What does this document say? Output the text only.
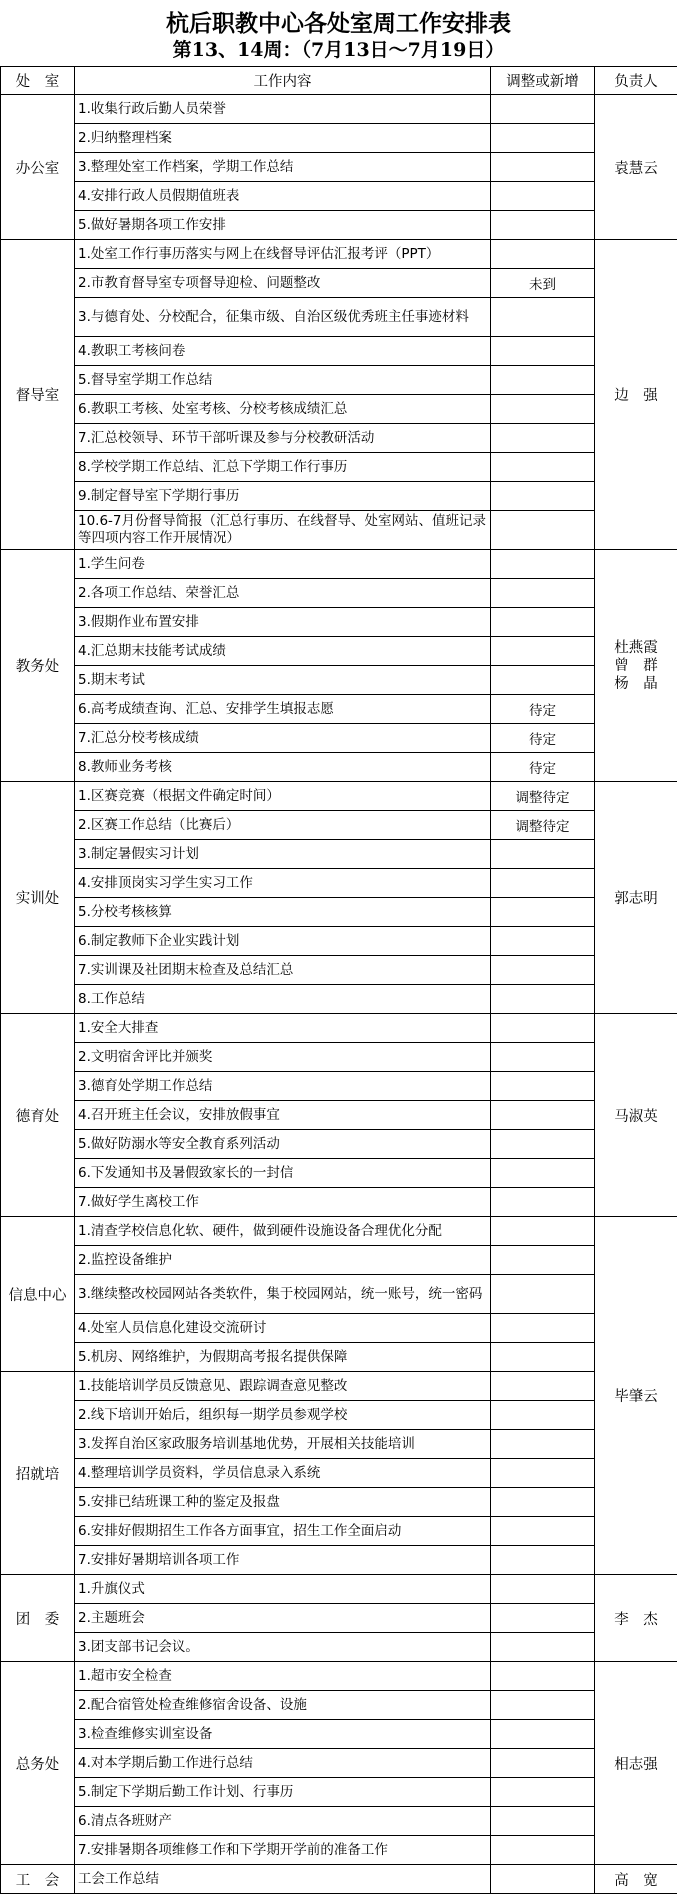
杭后职教中心各处室周工作安排表
第13、14周：（7月13日～7月19日）
处　室	工作内容	调整或新增	负责人
办公室	1.收集行政后勤人员荣誉		袁慧云
	2.归纳整理档案		
	3.整理处室工作档案，学期工作总结		
	4.安排行政人员假期值班表		
	5.做好暑期各项工作安排		
督导室	1.处室工作行事历落实与网上在线督导评估汇报考评（PPT）		边　强
	2.市教育督导室专项督导迎检、问题整改	未到	
	3.与德育处、分校配合，征集市级、自治区级优秀班主任事迹材料		
	4.教职工考核问卷		
	5.督导室学期工作总结		
	6.教职工考核、处室考核、分校考核成绩汇总		
	7.汇总校领导、环节干部听课及参与分校教研活动		
	8.学校学期工作总结、汇总下学期工作行事历		
	9.制定督导室下学期行事历		
	10.6-7月份督导简报（汇总行事历、在线督导、处室网站、值班记录等四项内容工作开展情况）		
教务处	1.学生问卷		杜燕霞
曾　群
杨　晶

	2.各项工作总结、荣誉汇总		
	3.假期作业布置安排		
	4.汇总期末技能考试成绩		
	5.期末考试		
	6.高考成绩查询、汇总、安排学生填报志愿	待定	
	7.汇总分校考核成绩	待定	
	8.教师业务考核	待定	
实训处	1.区赛竞赛（根据文件确定时间）	调整待定	郭志明
	2.区赛工作总结（比赛后）	调整待定	
	3.制定暑假实习计划		
	4.安排顶岗实习学生实习工作		
	5.分校考核核算		
	6.制定教师下企业实践计划		
	7.实训课及社团期末检查及总结汇总		
	8.工作总结		
德育处	1.安全大排查		马淑英
	2.文明宿舍评比并颁奖		
	3.德育处学期工作总结		
	4.召开班主任会议，安排放假事宜		
	5.做好防溺水等安全教育系列活动		
	6.下发通知书及暑假致家长的一封信		
	7.做好学生离校工作		
信息中心	1.清查学校信息化软、硬件，做到硬件设施设备合理优化分配		毕肇云
	2.监控设备维护		
	3.继续整改校园网站各类软件，集于校园网站，统一账号，统一密码		
	4.处室人员信息化建设交流研讨		
	5.机房、网络维护，为假期高考报名提供保障		
招就培	1.技能培训学员反馈意见、跟踪调查意见整改		
	2.线下培训开始后，组织每一期学员参观学校		
	3.发挥自治区家政服务培训基地优势，开展相关技能培训		
	4.整理培训学员资料，学员信息录入系统		
	5.安排已结班课工种的鉴定及报盘		
	6.安排好假期招生工作各方面事宜，招生工作全面启动		
	7.安排好暑期培训各项工作		
团　委	1.升旗仪式		李　杰
	2.主题班会		
	3.团支部书记会议。		
总务处	1.超市安全检查		相志强
	2.配合宿管处检查维修宿舍设备、设施		
	3.检查维修实训室设备		
	4.对本学期后勤工作进行总结		
	5.制定下学期后勤工作计划、行事历		
	6.清点各班财产		
	7.安排暑期各项维修工作和下学期开学前的准备工作		
工　会	工会工作总结		高　宽
